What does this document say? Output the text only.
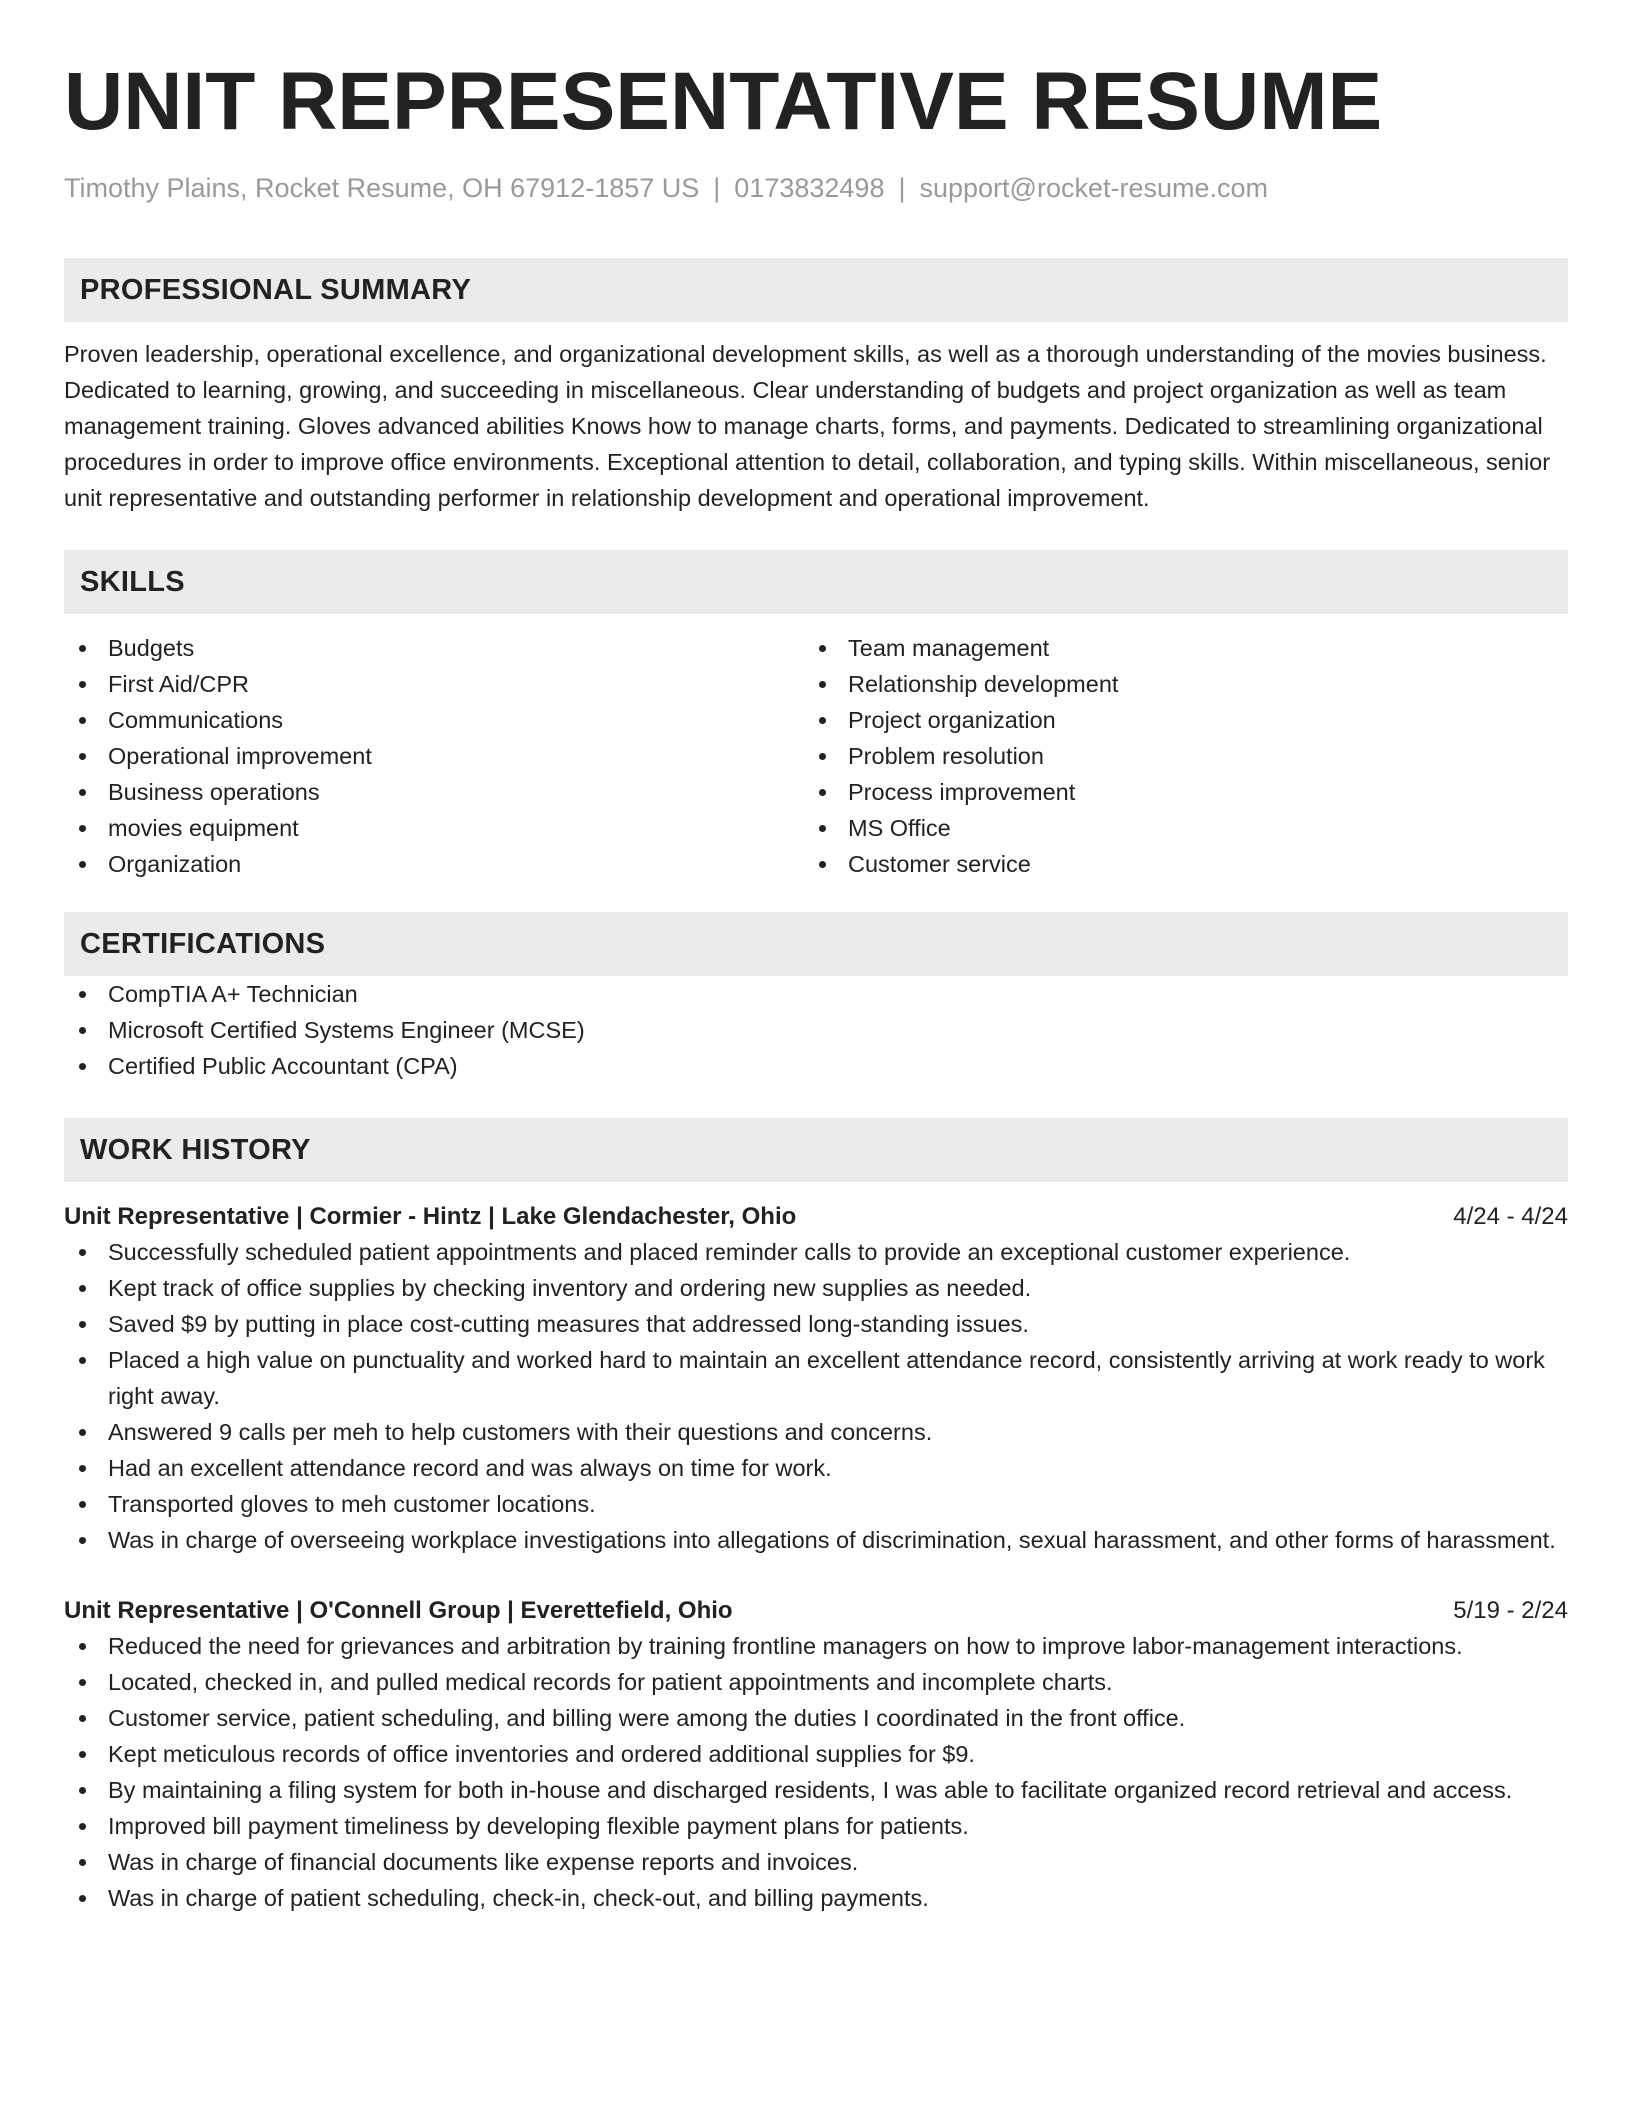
UNIT REPRESENTATIVE RESUME
Timothy Plains, Rocket Resume, OH 67912-1857 US | 0173832498 | support@rocket-resume.com
PROFESSIONAL SUMMARY

Proven leadership, operational excellence, and organizational development skills, as well as a thorough understanding of the movies business. Dedicated to learning, growing, and succeeding in miscellaneous. Clear understanding of budgets and project organization as well as team management training. Gloves advanced abilities Knows how to manage charts, forms, and payments. Dedicated to streamlining organizational procedures in order to improve office environments. Exceptional attention to detail, collaboration, and typing skills. Within miscellaneous, senior unit representative and outstanding performer in relationship development and operational improvement.

SKILLS
Budgets
First Aid/CPR
Communications
Operational improvement
Business operations
movies equipment
Organization
Team management
Relationship development
Project organization
Problem resolution
Process improvement
MS Office
Customer service
CERTIFICATIONS
CompTIA A+ Technician
Microsoft Certified Systems Engineer (MCSE)
Certified Public Accountant (CPA)
WORK HISTORY
Unit Representative | Cormier - Hintz | Lake Glendachester, Ohio	4/24 - 4/24
Successfully scheduled patient appointments and placed reminder calls to provide an exceptional customer experience.
Kept track of office supplies by checking inventory and ordering new supplies as needed.
Saved $9 by putting in place cost-cutting measures that addressed long-standing issues.
Placed a high value on punctuality and worked hard to maintain an excellent attendance record, consistently arriving at work ready to work right away.
Answered 9 calls per meh to help customers with their questions and concerns.
Had an excellent attendance record and was always on time for work.
Transported gloves to meh customer locations.
Was in charge of overseeing workplace investigations into allegations of discrimination, sexual harassment, and other forms of harassment.
Unit Representative | O'Connell Group | Everettefield, Ohio	5/19 - 2/24
Reduced the need for grievances and arbitration by training frontline managers on how to improve labor-management interactions.
Located, checked in, and pulled medical records for patient appointments and incomplete charts.
Customer service, patient scheduling, and billing were among the duties I coordinated in the front office.
Kept meticulous records of office inventories and ordered additional supplies for $9.
By maintaining a filing system for both in-house and discharged residents, I was able to facilitate organized record retrieval and access.
Improved bill payment timeliness by developing flexible payment plans for patients.
Was in charge of financial documents like expense reports and invoices.
Was in charge of patient scheduling, check-in, check-out, and billing payments.
